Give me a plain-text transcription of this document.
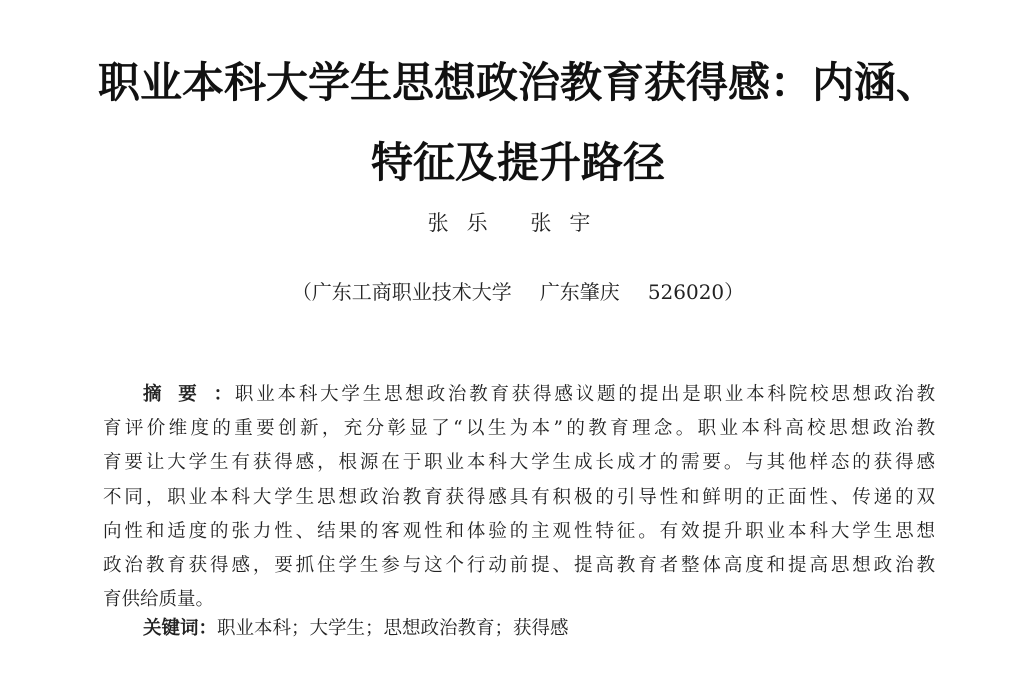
职业本科大学生思想政治教育获得感：内涵、
特征及提升路径
张乐 张宇
（广东工商职业技术大学 广东肇庆 526020）
摘要：职业本科大学生思想政治教育获得感议题的提出是职业本科院校思想政治教
育评价维度的重要创新，充分彰显了“以生为本”的教育理念。职业本科高校思想政治教
育要让大学生有获得感，根源在于职业本科大学生成长成才的需要。与其他样态的获得感
不同，职业本科大学生思想政治教育获得感具有积极的引导性和鲜明的正面性、传递的双
向性和适度的张力性、结果的客观性和体验的主观性特征。有效提升职业本科大学生思想
政治教育获得感，要抓住学生参与这个行动前提、提高教育者整体高度和提高思想政治教
育供给质量。
关键词：职业本科；大学生；思想政治教育；获得感
